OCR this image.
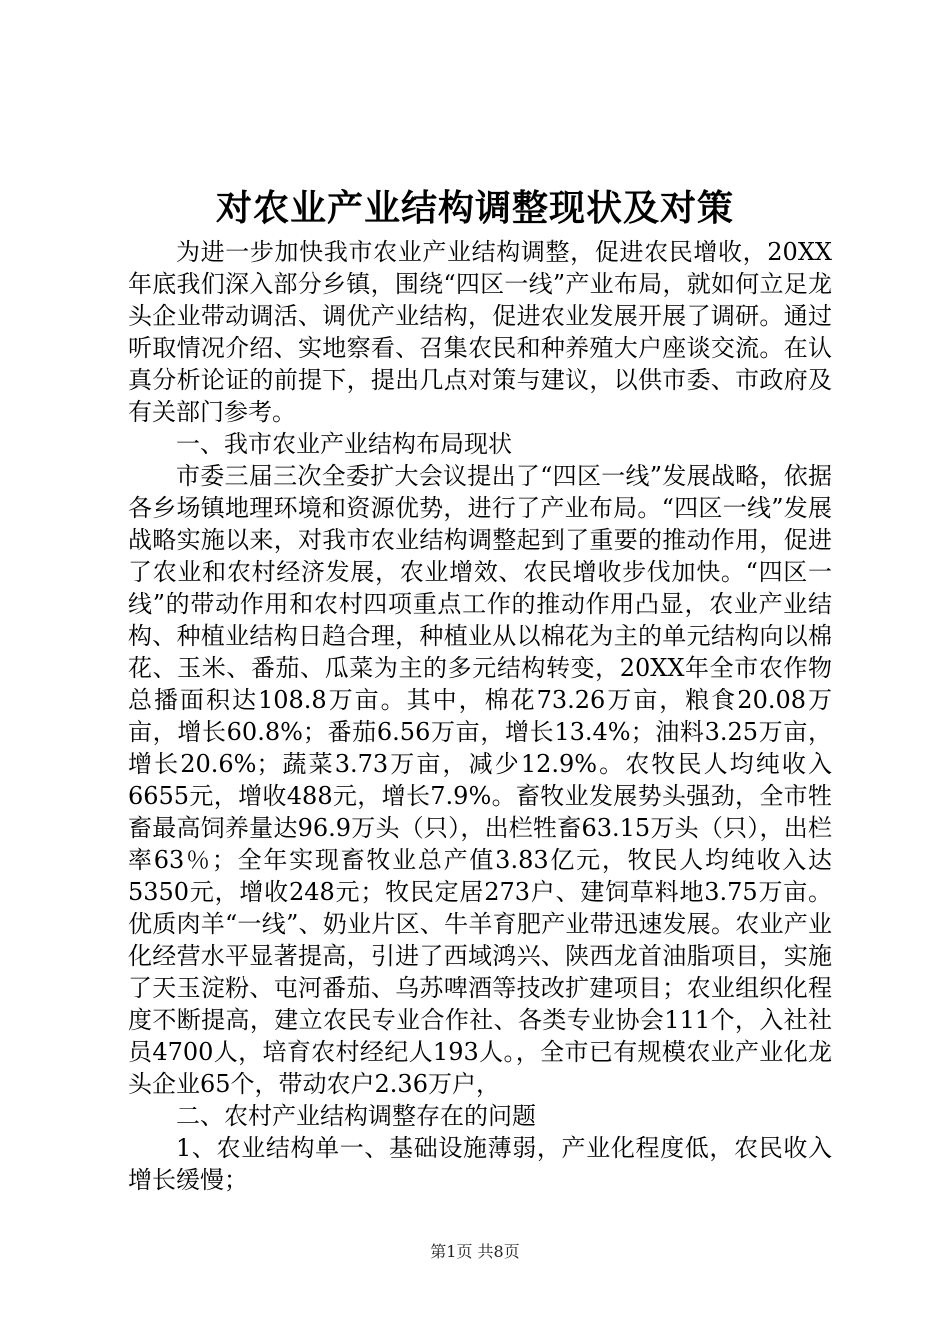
对农业产业结构调整现状及对策

为进一步加快我市农业产业结构调整，促进农民增收，20XX年底我们深入部分乡镇，围绕“四区一线”产业布局，就如何立足龙头企业带动调活、调优产业结构，促进农业发展开展了调研。通过听取情况介绍、实地察看、召集农民和种养殖大户座谈交流。在认真分析论证的前提下，提出几点对策与建议，以供市委、市政府及有关部门参考。

一、我市农业产业结构布局现状

市委三届三次全委扩大会议提出了“四区一线”发展战略，依据各乡场镇地理环境和资源优势，进行了产业布局。“四区一线”发展战略实施以来，对我市农业结构调整起到了重要的推动作用，促进了农业和农村经济发展，农业增效、农民增收步伐加快。“四区一线”的带动作用和农村四项重点工作的推动作用凸显，农业产业结构、种植业结构日趋合理，种植业从以棉花为主的单元结构向以棉花、玉米、番茄、瓜菜为主的多元结构转变，20XX年全市农作物总播面积达108.8万亩。其中，棉花73.26万亩，粮食20.08万亩，增长60.8%；番茄6.56万亩，增长13.4%；油料3.25万亩，增长20.6%；蔬菜3.73万亩，减少12.9%。农牧民人均纯收入6655元，增收488元，增长7.9%。畜牧业发展势头强劲，全市牲畜最高饲养量达96.9万头（只），出栏牲畜63.15万头（只），出栏率63％；全年实现畜牧业总产值3.83亿元，牧民人均纯收入达5350元，增收248元；牧民定居273户、建饲草料地3.75万亩。优质肉羊“一线”、奶业片区、牛羊育肥产业带迅速发展。农业产业化经营水平显著提高，引进了西域鸿兴、陕西龙首油脂项目，实施了天玉淀粉、屯河番茄、乌苏啤酒等技改扩建项目；农业组织化程度不断提高，建立农民专业合作社、各类专业协会111个，入社社员4700人，培育农村经纪人193人。，全市已有规模农业产业化龙头企业65个，带动农户2.36万户，

二、农村产业结构调整存在的问题

1、农业结构单一、基础设施薄弱，产业化程度低，农民收入增长缓慢；

第1页 共8页
